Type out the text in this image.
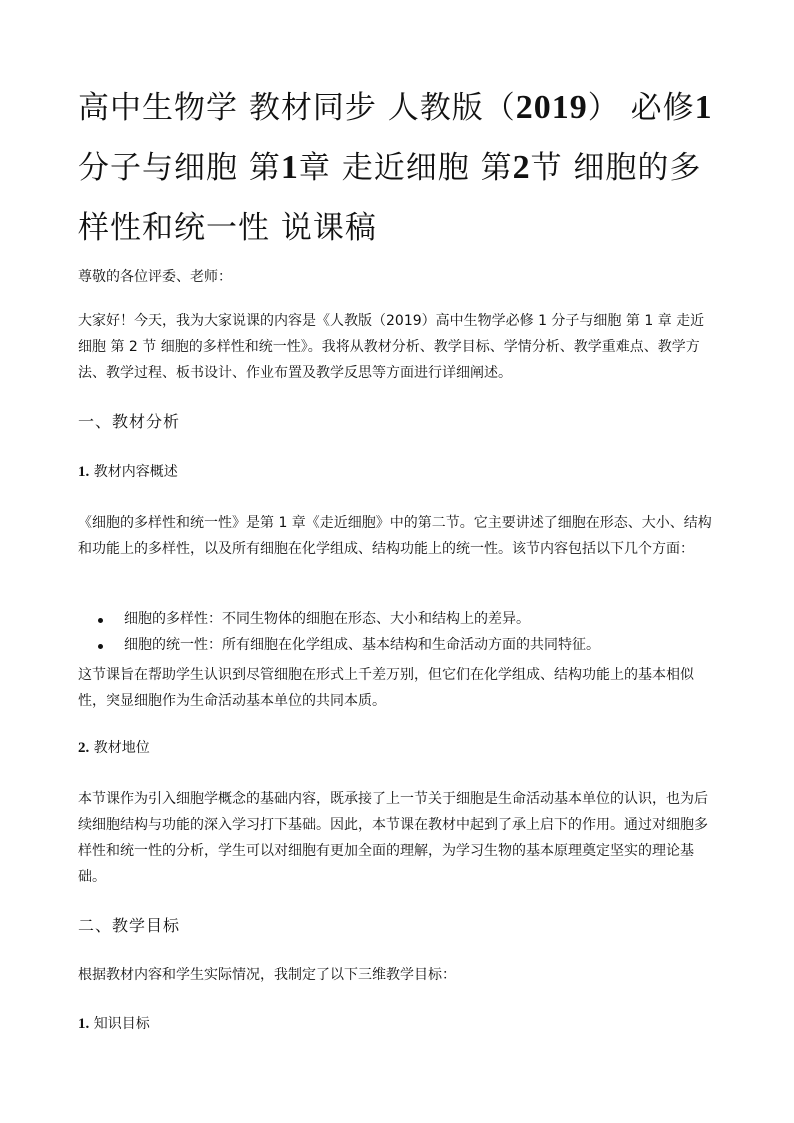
高中生物学 教材同步 人教版（2019） 必修1
分子与细胞 第1章 走近细胞 第2节 细胞的多样性和统一性 说课稿

尊敬的各位评委、老师：

大家好！今天，我为大家说课的内容是《人教版（2019）高中生物学必修 1 分子与细胞 第 1 章 走近细胞 第 2 节 细胞的多样性和统一性》。我将从教材分析、教学目标、学情分析、教学重难点、教学方法、教学过程、板书设计、作业布置及教学反思等方面进行详细阐述。

一、教材分析
1. 教材内容概述

《细胞的多样性和统一性》是第 1 章《走近细胞》中的第二节。它主要讲述了细胞在形态、大小、结构和功能上的多样性，以及所有细胞在化学组成、结构功能上的统一性。该节内容包括以下几个方面：

细胞的多样性：不同生物体的细胞在形态、大小和结构上的差异。
细胞的统一性：所有细胞在化学组成、基本结构和生命活动方面的共同特征。

这节课旨在帮助学生认识到尽管细胞在形式上千差万别，但它们在化学组成、结构功能上的基本相似性，突显细胞作为生命活动基本单位的共同本质。

2. 教材地位

本节课作为引入细胞学概念的基础内容，既承接了上一节关于细胞是生命活动基本单位的认识，也为后续细胞结构与功能的深入学习打下基础。因此，本节课在教材中起到了承上启下的作用。通过对细胞多样性和统一性的分析，学生可以对细胞有更加全面的理解，为学习生物的基本原理奠定坚实的理论基础。

二、教学目标

根据教材内容和学生实际情况，我制定了以下三维教学目标：

1. 知识目标
